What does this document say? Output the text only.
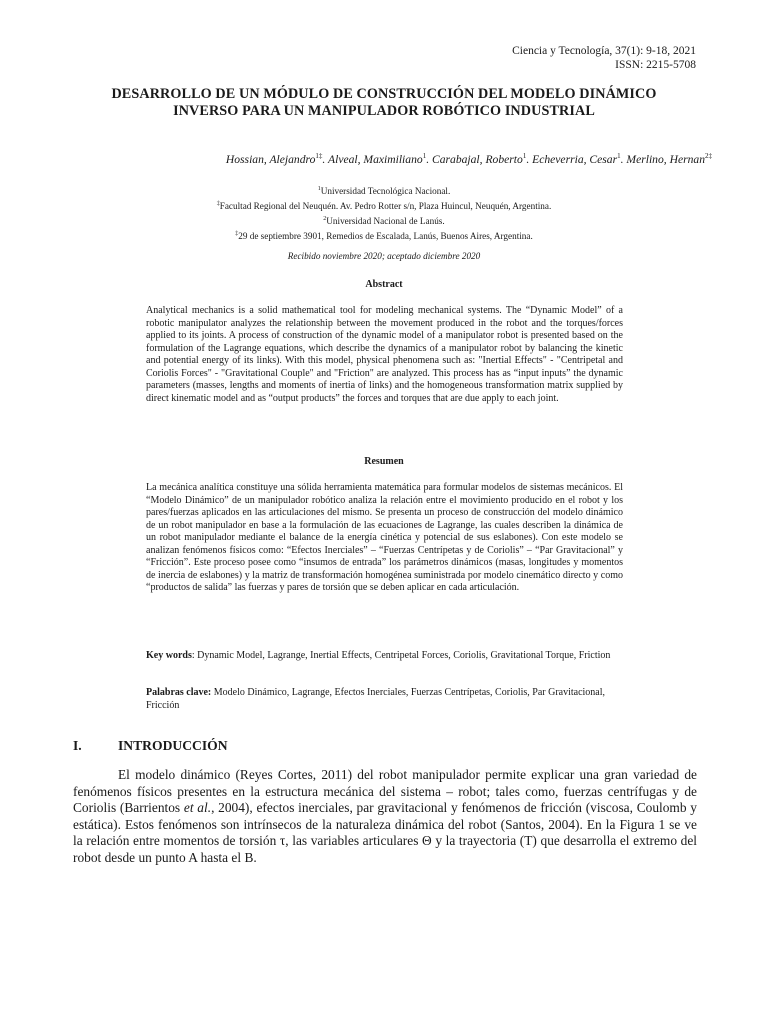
Ciencia y Tecnología, 37(1): 9-18, 2021
ISSN: 2215-5708
DESARROLLO DE UN MÓDULO DE CONSTRUCCIÓN DEL MODELO DINÁMICO
INVERSO PARA UN MANIPULADOR ROBÓTICO INDUSTRIAL
Hossian, Alejandro$^{1\ddagger}$. Alveal, Maximiliano$^1$. Carabajal, Roberto$^1$. Echeverria, Cesar$^1$. Merlino, Hernan$^{2\ddagger}$
$^1$Universidad Tecnológica Nacional.
‡Facultad Regional del Neuquén. Av. Pedro Rotter s/n, Plaza Huincul, Neuquén, Argentina.
$^2$Universidad Nacional de Lanús.
‡29 de septiembre 3901, Remedios de Escalada, Lanús, Buenos Aires, Argentina.
Recibido noviembre 2020; aceptado diciembre 2020
Abstract
Analytical mechanics is a solid mathematical tool for modeling mechanical systems. The “Dynamic Model” of a robotic manipulator analyzes the relationship between the movement produced in the robot and the torques/forces applied to its joints. A process of construction of the dynamic model of a manipulator robot is presented based on the formulation of the Lagrange equations, which describe the dynamics of a manipulator robot by balancing the kinetic and potential energy of its links). With this model, physical phenomena such as: "Inertial Effects" - "Centripetal and Coriolis Forces" - "Gravitational Couple" and "Friction" are analyzed. This process has as “input inputs” the dynamic parameters (masses, lengths and moments of inertia of links) and the homogeneous transformation matrix supplied by direct kinematic model and as “output products” the forces and torques that are due apply to each joint.
Resumen
La mecánica analítica constituye una sólida herramienta matemática para formular modelos de sistemas mecánicos. El “Modelo Dinámico” de un manipulador robótico analiza la relación entre el movimiento producido en el robot y los pares/fuerzas aplicados en las articulaciones del mismo. Se presenta un proceso de construcción del modelo dinámico de un robot manipulador en base a la formulación de las ecuaciones de Lagrange, las cuales describen la dinámica de un robot manipulador mediante el balance de la energía cinética y potencial de sus eslabones). Con este modelo se analizan fenómenos físicos como: “Efectos Inerciales” – “Fuerzas Centrípetas y de Coriolis” – “Par Gravitacional” y “Fricción”. Este proceso posee como “insumos de entrada” los parámetros dinámicos (masas, longitudes y momentos de inercia de eslabones) y la matriz de transformación homogénea suministrada por modelo cinemático directo y como “productos de salida” las fuerzas y pares de torsión que se deben aplicar en cada articulación.
Key words: Dynamic Model, Lagrange, Inertial Effects, Centripetal Forces, Coriolis, Gravitational Torque, Friction
Palabras clave: Modelo Dinámico, Lagrange, Efectos Inerciales, Fuerzas Centrípetas, Coriolis, Par Gravitacional, Fricción
I.	INTRODUCCIÓN
El modelo dinámico (Reyes Cortes, 2011) del robot manipulador permite explicar una gran variedad de fenómenos físicos presentes en la estructura mecánica del sistema – robot; tales como, fuerzas centrífugas y de Coriolis (Barrientos et al., 2004), efectos inerciales, par gravitacional y fenómenos de fricción (viscosa, Coulomb y estática). Estos fenómenos son intrínsecos de la naturaleza dinámica del robot (Santos, 2004). En la Figura 1 se ve la relación entre momentos de torsión τ, las variables articulares Θ y la trayectoria (T) que desarrolla el extremo del robot desde un punto A hasta el B.
